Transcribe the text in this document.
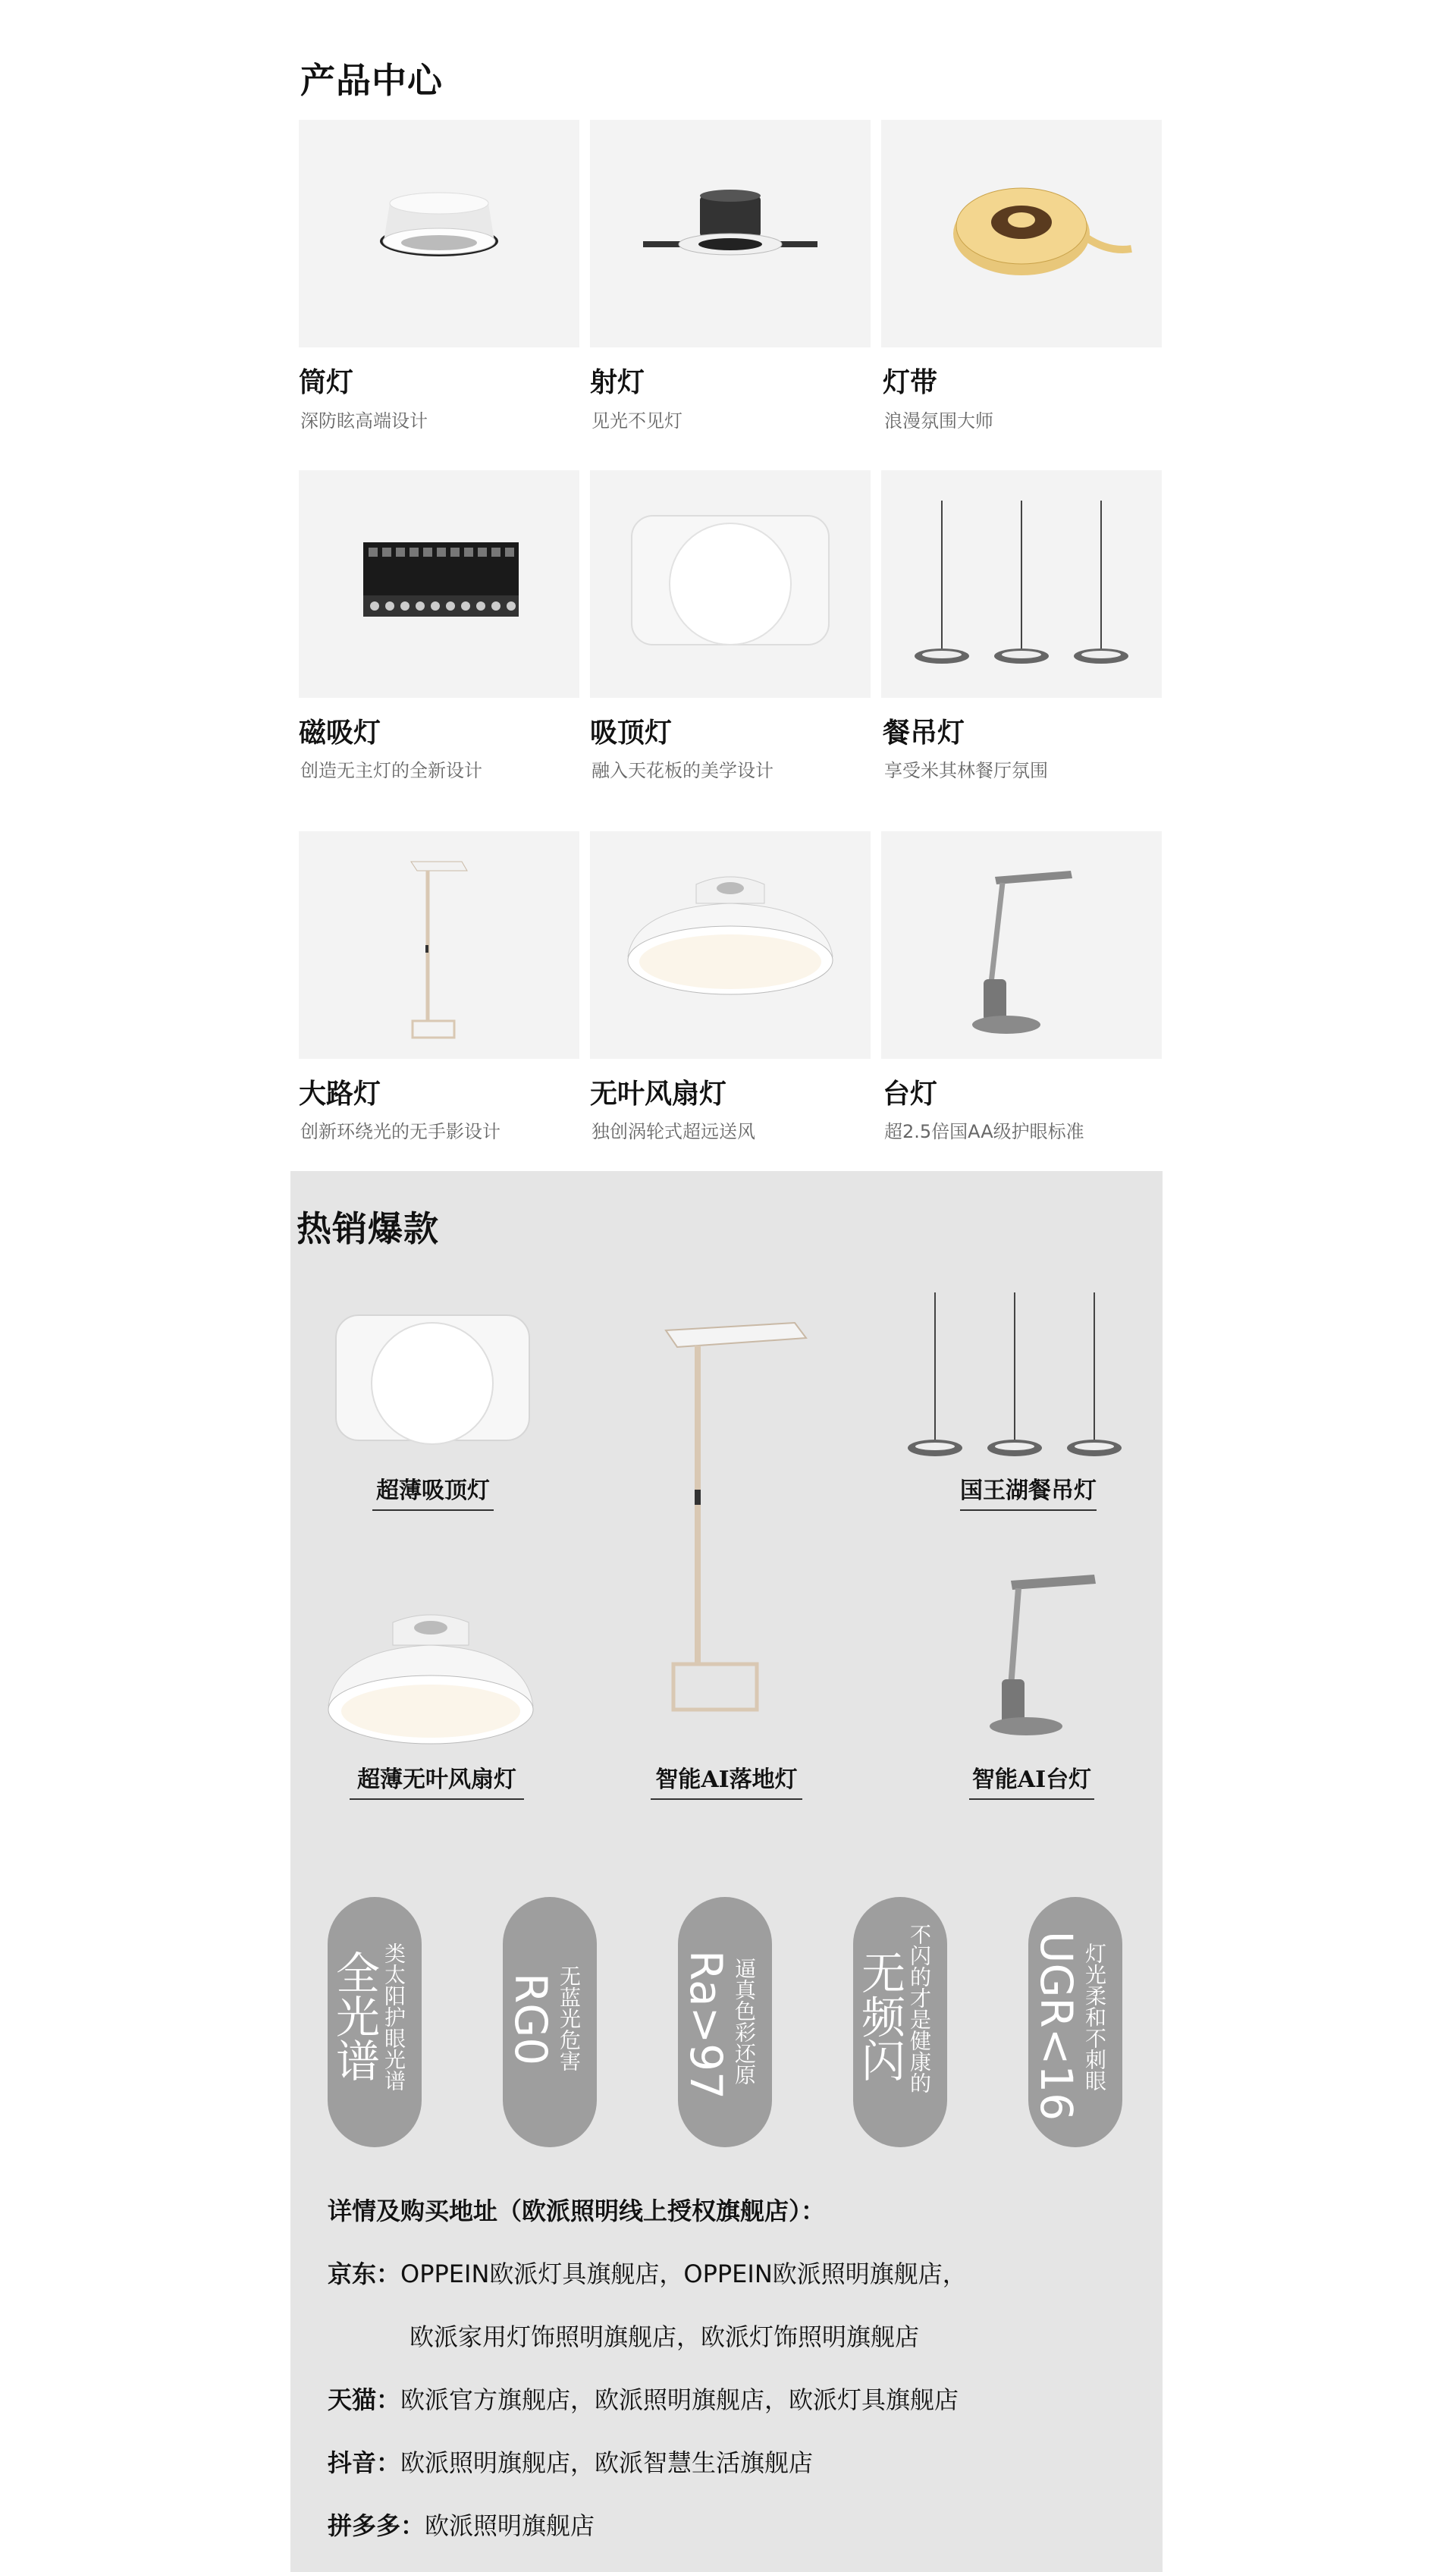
产品中心
筒灯
深防眩高端设计
射灯
见光不见灯
灯带
浪漫氛围大师
磁吸灯
创造无主灯的全新设计
吸顶灯
融入天花板的美学设计
餐吊灯
享受米其林餐厅氛围
大路灯
创新环绕光的无手影设计
无叶风扇灯
独创涡轮式超远送风
台灯
超2.5倍国AA级护眼标准
热销爆款
超薄吸顶灯
智能AI落地灯
国王湖餐吊灯
超薄无叶风扇灯	智能AI台灯
全光谱 类太阳护眼光谱 RG0 无蓝光危害 Ra>97 逼真色彩还原 无频闪 不闪的才是健康的 UGR<16 灯光柔和不刺眼
详情及购买地址（欧派照明线上授权旗舰店）：
京东：OPPEIN欧派灯具旗舰店，OPPEIN欧派照明旗舰店，
欧派家用灯饰照明旗舰店，欧派灯饰照明旗舰店
天猫：欧派官方旗舰店，欧派照明旗舰店，欧派灯具旗舰店
抖音：欧派照明旗舰店，欧派智慧生活旗舰店
拼多多：欧派照明旗舰店
